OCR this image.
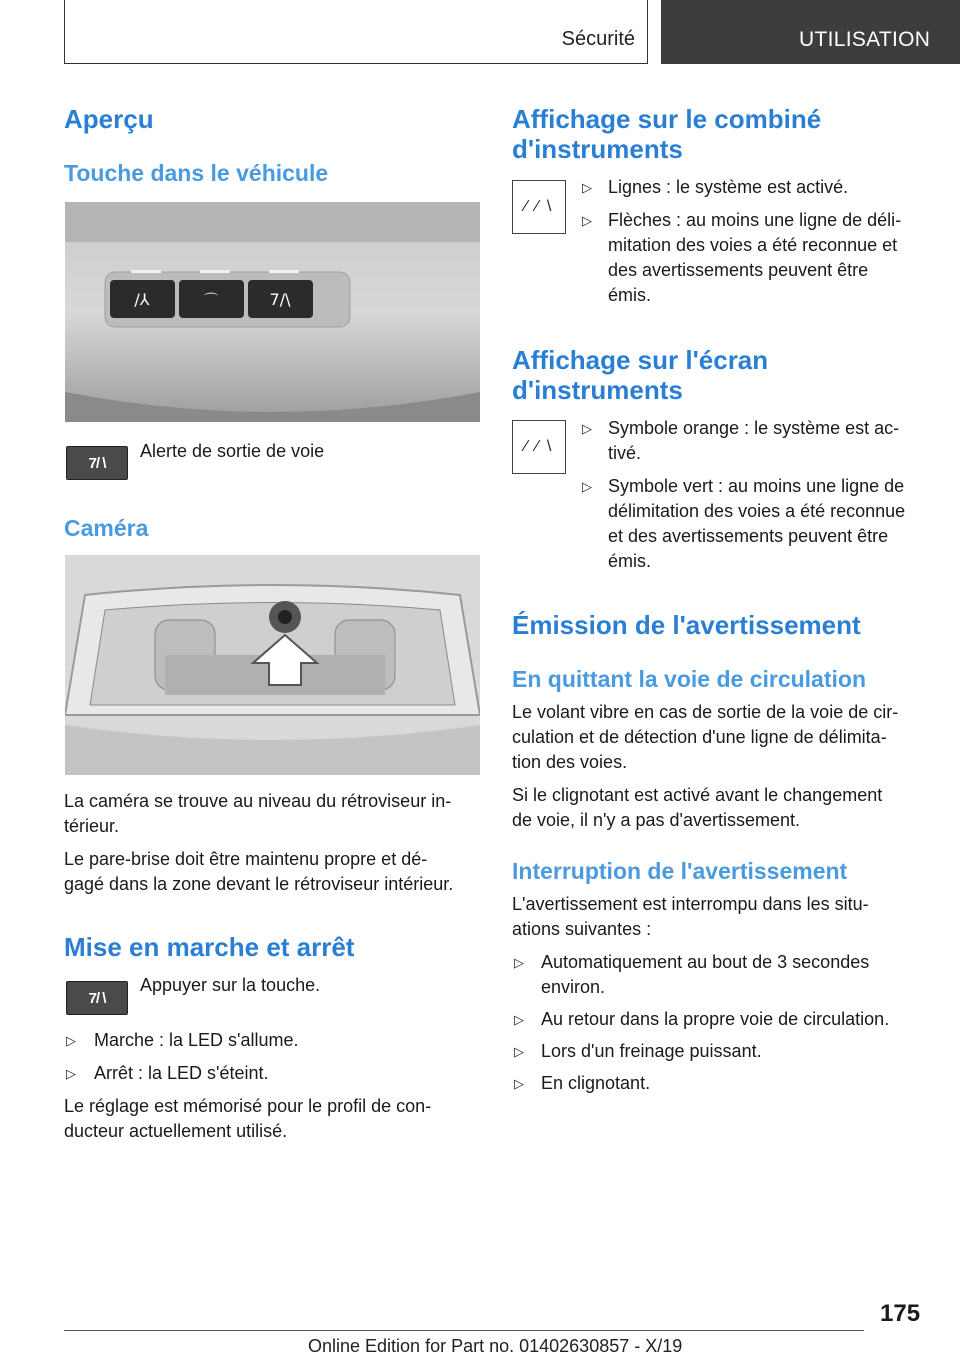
Sécurité	UTILISATION
Aperçu
Touche dans le véhicule
/⅄	⌒	7/\
7/ \
Alerte de sortie de voie
Caméra
La caméra se trouve au niveau du rétroviseur in-
térieur.
Le pare-brise doit être maintenu propre et dé-
gagé dans la zone devant le rétroviseur intérieur.
Mise en marche et arrêt
7/ \
Appuyer sur la touche.
▷ Marche : la LED s'allume.
▷ Arrêt : la LED s'éteint.
Le réglage est mémorisé pour le profil de con-
ducteur actuellement utilisé.
Affichage sur le combiné
d'instruments
⁄ ⁄ \
▷ Lignes : le système est activé.
▷ Flèches : au moins une ligne de déli-
mitation des voies a été reconnue et
des avertissements peuvent être
émis.
Affichage sur l'écran
d'instruments
⁄ ⁄ \
▷ Symbole orange : le système est ac-
tivé.
▷ Symbole vert : au moins une ligne de
délimitation des voies a été reconnue
et des avertissements peuvent être
émis.
Émission de l'avertissement
En quittant la voie de circulation
Le volant vibre en cas de sortie de la voie de cir-
culation et de détection d'une ligne de délimita-
tion des voies.
Si le clignotant est activé avant le changement
de voie, il n'y a pas d'avertissement.
Interruption de l'avertissement
L'avertissement est interrompu dans les situ-
ations suivantes :
▷ Automatiquement au bout de 3 secondes
environ.
▷ Au retour dans la propre voie de circulation.
▷ Lors d'un freinage puissant.
▷ En clignotant.
175
Online Edition for Part no. 01402630857 - X/19
